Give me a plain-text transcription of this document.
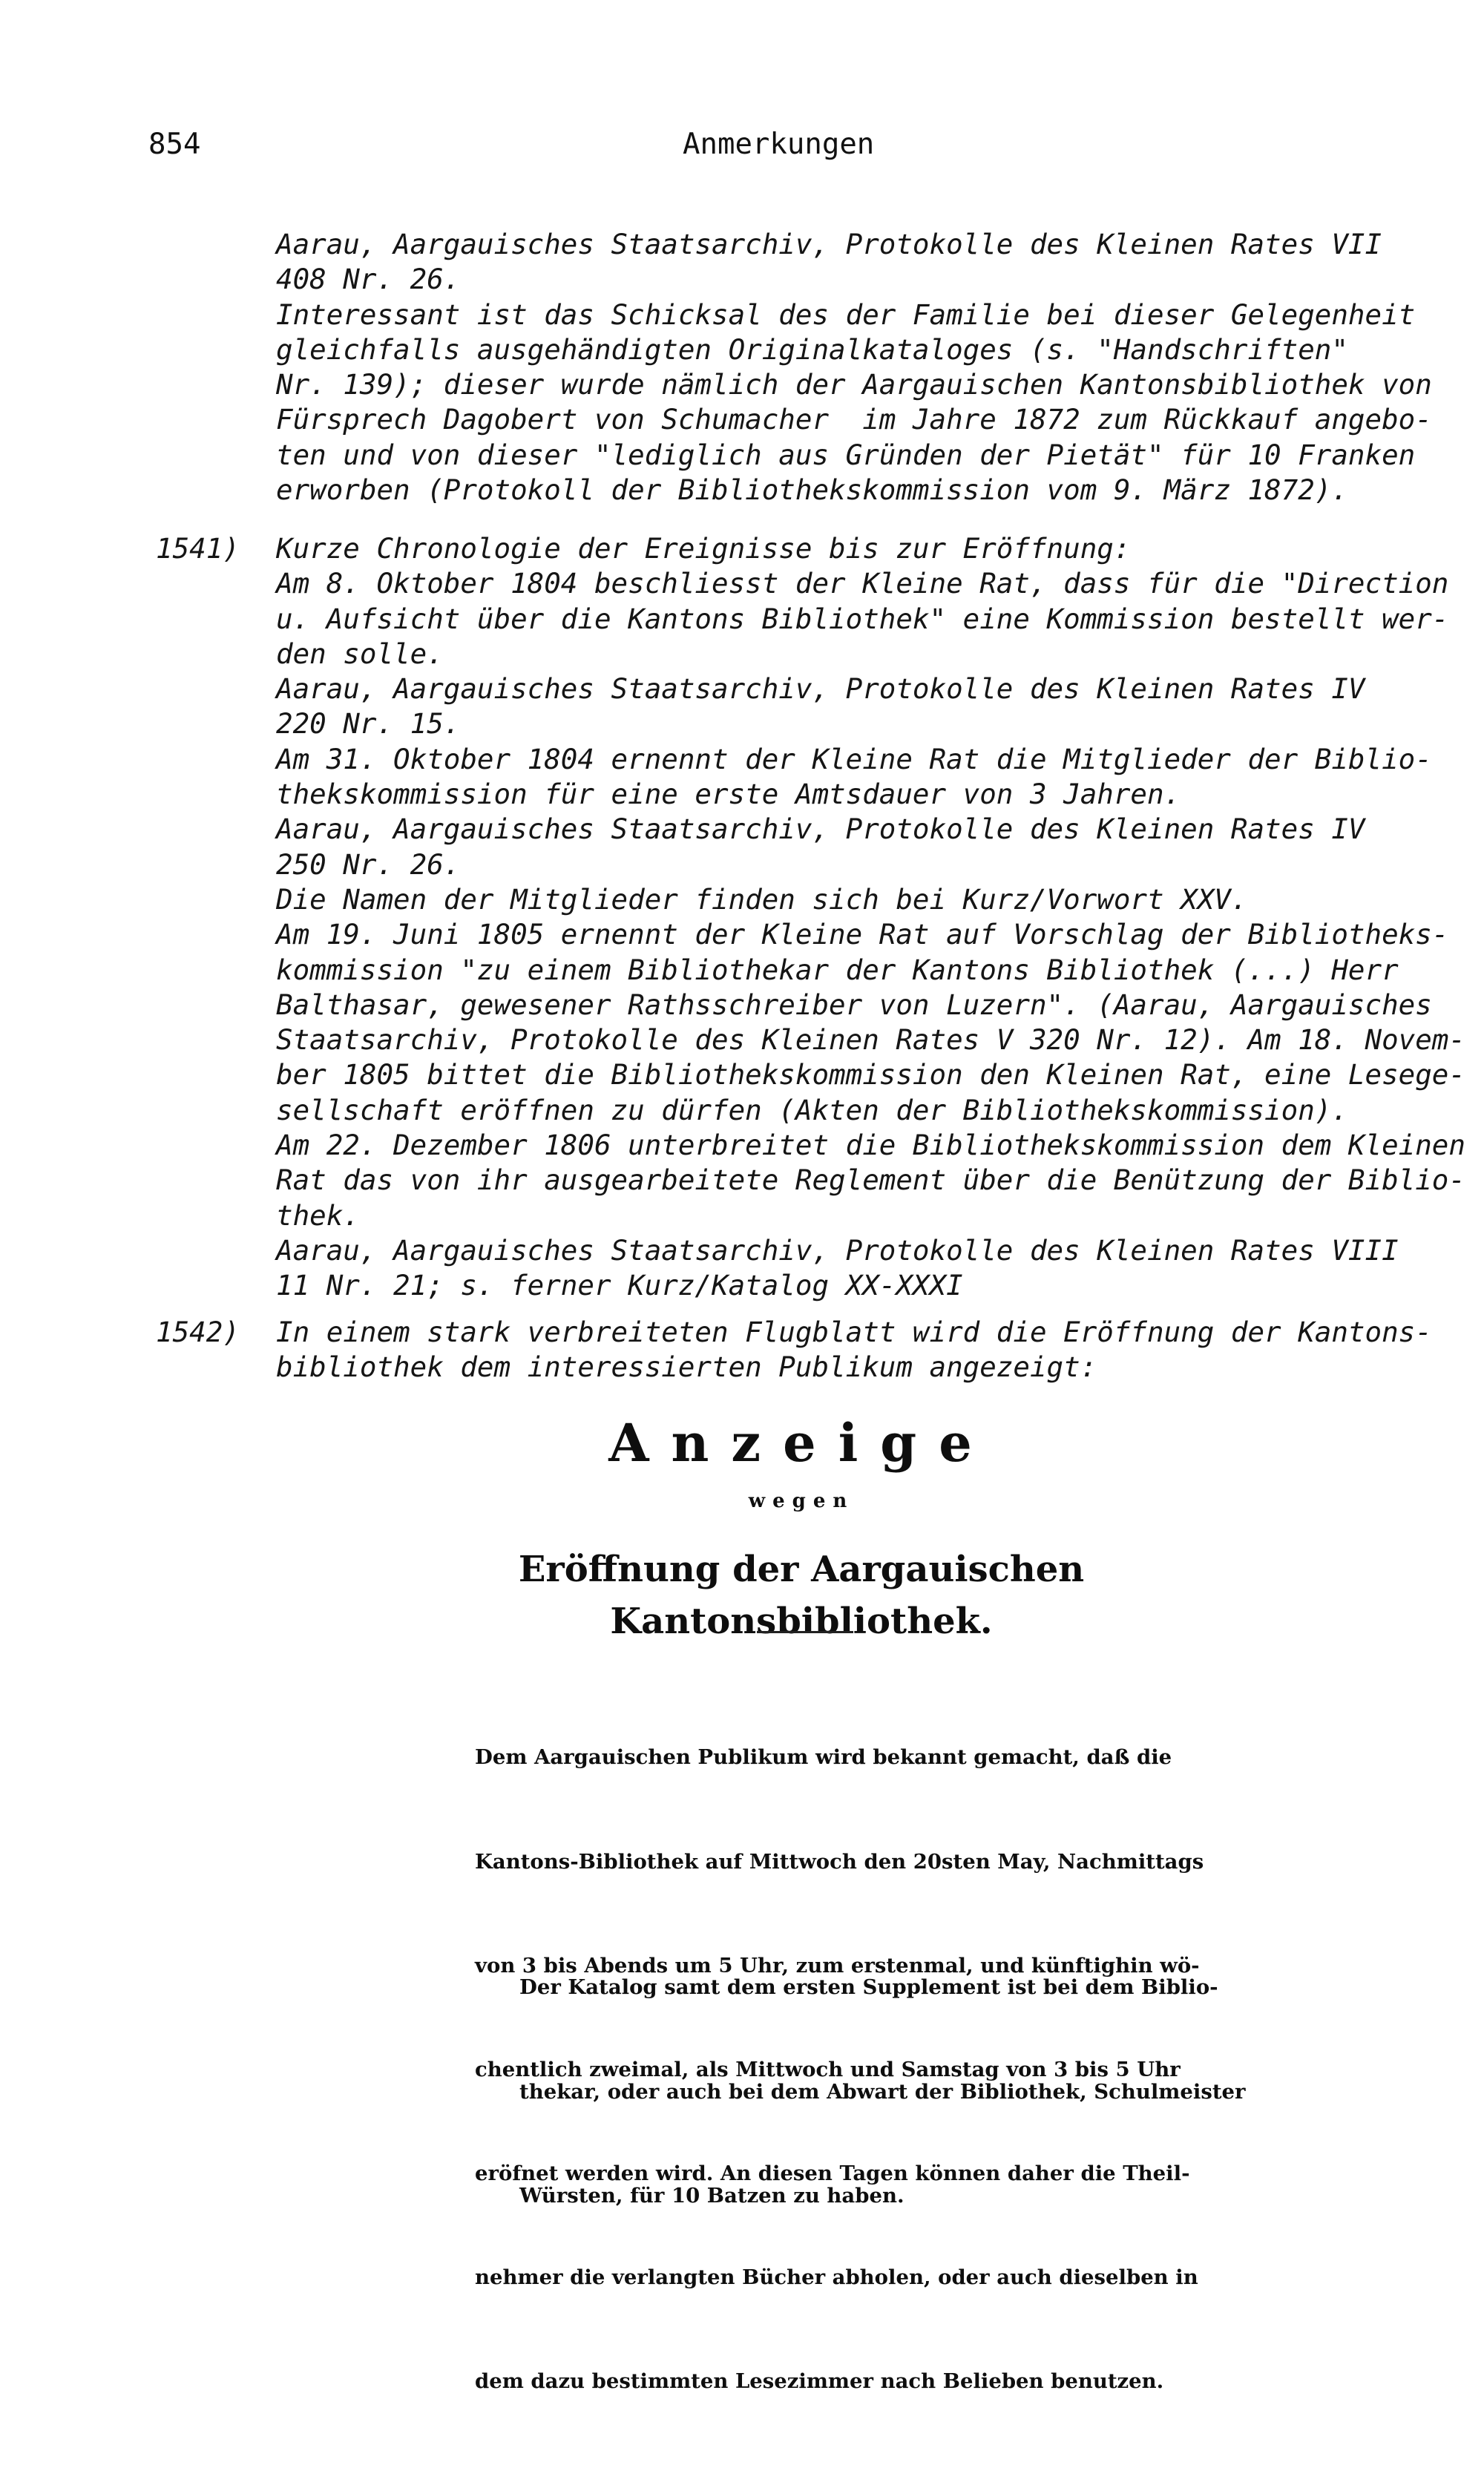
854	Anmerkungen
Aarau, Aargauisches Staatsarchiv, Protokolle des Kleinen Rates VII
408 Nr. 26.
Interessant ist das Schicksal des der Familie bei dieser Gelegenheit
gleichfalls ausgehändigten Originalkataloges (s. "Handschriften"
Nr. 139); dieser wurde nämlich der Aargauischen Kantonsbibliothek von
Fürsprech Dagobert von Schumacher  im Jahre 1872 zum Rückkauf angebo-
ten und von dieser "lediglich aus Gründen der Pietät" für 10 Franken
erworben (Protokoll der Bibliothekskommission vom 9. März 1872).
1541) Kurze Chronologie der Ereignisse bis zur Eröffnung:
Am 8. Oktober 1804 beschliesst der Kleine Rat, dass für die "Direction
u. Aufsicht über die Kantons Bibliothek" eine Kommission bestellt wer-
den solle.
Aarau, Aargauisches Staatsarchiv, Protokolle des Kleinen Rates IV
220 Nr. 15.
Am 31. Oktober 1804 ernennt der Kleine Rat die Mitglieder der Biblio-
thekskommission für eine erste Amtsdauer von 3 Jahren.
Aarau, Aargauisches Staatsarchiv, Protokolle des Kleinen Rates IV
250 Nr. 26.
Die Namen der Mitglieder finden sich bei Kurz/Vorwort XXV.
Am 19. Juni 1805 ernennt der Kleine Rat auf Vorschlag der Bibliotheks-
kommission "zu einem Bibliothekar der Kantons Bibliothek (...) Herr
Balthasar, gewesener Rathsschreiber von Luzern". (Aarau, Aargauisches
Staatsarchiv, Protokolle des Kleinen Rates V 320 Nr. 12). Am 18. Novem-
ber 1805 bittet die Bibliothekskommission den Kleinen Rat, eine Lesege-
sellschaft eröffnen zu dürfen (Akten der Bibliothekskommission).
Am 22. Dezember 1806 unterbreitet die Bibliothekskommission dem Kleinen
Rat das von ihr ausgearbeitete Reglement über die Benützung der Biblio-
thek.
Aarau, Aargauisches Staatsarchiv, Protokolle des Kleinen Rates VIII
11 Nr. 21; s. ferner Kurz/Katalog XX-XXXI
1542) In einem stark verbreiteten Flugblatt wird die Eröffnung der Kantons-
bibliothek dem interessierten Publikum angezeigt:
Anzeige
wegen
Eröffnung der Aargauischen Kantonsbibliothek.

Dem Aargauischen Publikum wird bekannt gemacht, daß die

Kantons-Bibliothek auf Mittwoch den 20sten May, Nachmittags

von 3 bis Abends um 5 Uhr, zum erstenmal, und künftighin wö-

chentlich zweimal, als Mittwoch und Samstag von 3 bis 5 Uhr

eröfnet werden wird. An diesen Tagen können daher die Theil-

nehmer die verlangten Bücher abholen, oder auch dieselben in

dem dazu bestimmten Lesezimmer nach Belieben benutzen.

Der Katalog samt dem ersten Supplement ist bei dem Biblio-

thekar, oder auch bei dem Abwart der Bibliothek, Schulmeister

Würsten, für 10 Batzen zu haben.
